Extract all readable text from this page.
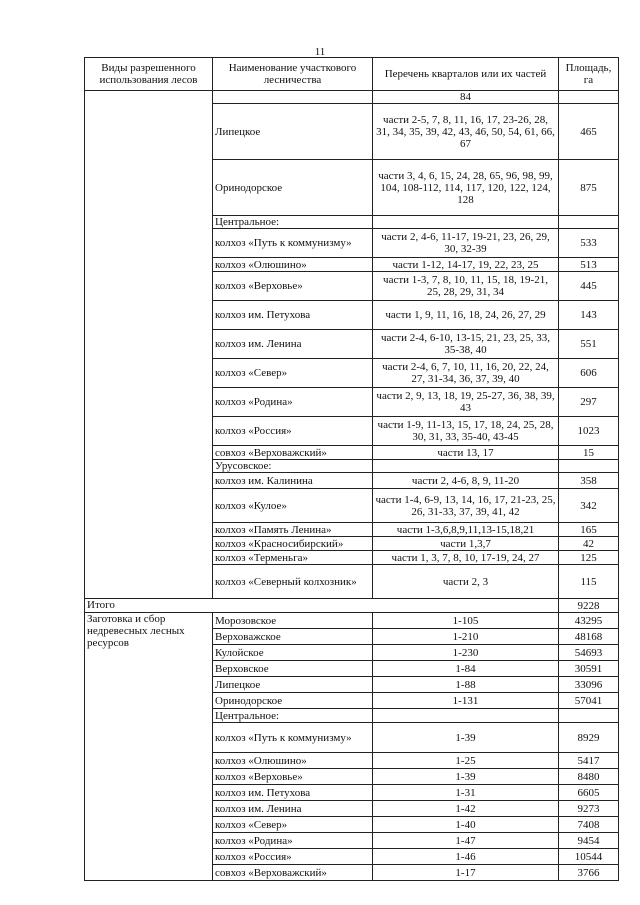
11
Виды разрешенного использования лесов	Наименование участкового лесничества	Перечень кварталов или их частей	Площадь, га
		84	
	Липецкое	части 2-5, 7, 8, 11, 16, 17, 23-26, 28, 31, 34, 35, 39, 42, 43, 46, 50, 54, 61, 66, 67	465
	Оринодорское	части 3, 4, 6, 15, 24, 28, 65, 96, 98, 99, 104, 108-112, 114, 117, 120, 122, 124, 128	875
	Центральное:		
	колхоз «Путь к коммунизму»	части 2, 4-6, 11-17, 19-21, 23, 26, 29, 30, 32-39	533
	колхоз «Олюшино»	части 1-12, 14-17, 19, 22, 23, 25	513
	колхоз «Верховье»	части 1-3, 7, 8, 10, 11, 15, 18, 19-21, 25, 28, 29, 31, 34	445
	колхоз им. Петухова	части 1, 9, 11, 16, 18, 24, 26, 27, 29	143
	колхоз им. Ленина	части 2-4, 6-10, 13-15, 21, 23, 25, 33, 35-38, 40	551
	колхоз «Север»	части 2-4, 6, 7, 10, 11, 16, 20, 22, 24, 27, 31-34, 36, 37, 39, 40	606
	колхоз «Родина»	части 2, 9, 13, 18, 19, 25-27, 36, 38, 39, 43	297
	колхоз «Россия»	части 1-9, 11-13, 15, 17, 18, 24, 25, 28, 30, 31, 33, 35-40, 43-45	1023
	совхоз «Верховажский»	части 13, 17	15
	Урусовское:		
	колхоз им. Калинина	части 2, 4-6, 8, 9, 11-20	358
	колхоз «Кулое»	части 1-4, 6-9, 13, 14, 16, 17, 21-23, 25, 26, 31-33, 37, 39, 41, 42	342
	колхоз «Память Ленина»	части 1-3,6,8,9,11,13-15,18,21	165
	колхоз «Красносибирский»	части 1,3,7	42
	колхоз «Терменьга»	части 1, 3, 7, 8, 10, 17-19, 24, 27	125
	колхоз «Северный колхозник»	части 2, 3	115
Итого			9228
Заготовка и сбор недревесных лесных ресурсов	Морозовское	1-105	43295
	Верховажское	1-210	48168
	Кулойское	1-230	54693
	Верховское	1-84	30591
	Липецкое	1-88	33096
	Оринодорское	1-131	57041
	Центральное:		
	колхоз «Путь к коммунизму»	1-39	8929
	колхоз «Олюшино»	1-25	5417
	колхоз «Верховье»	1-39	8480
	колхоз им. Петухова	1-31	6605
	колхоз им. Ленина	1-42	9273
	колхоз «Север»	1-40	7408
	колхоз «Родина»	1-47	9454
	колхоз «Россия»	1-46	10544
	совхоз «Верховажский»	1-17	3766
